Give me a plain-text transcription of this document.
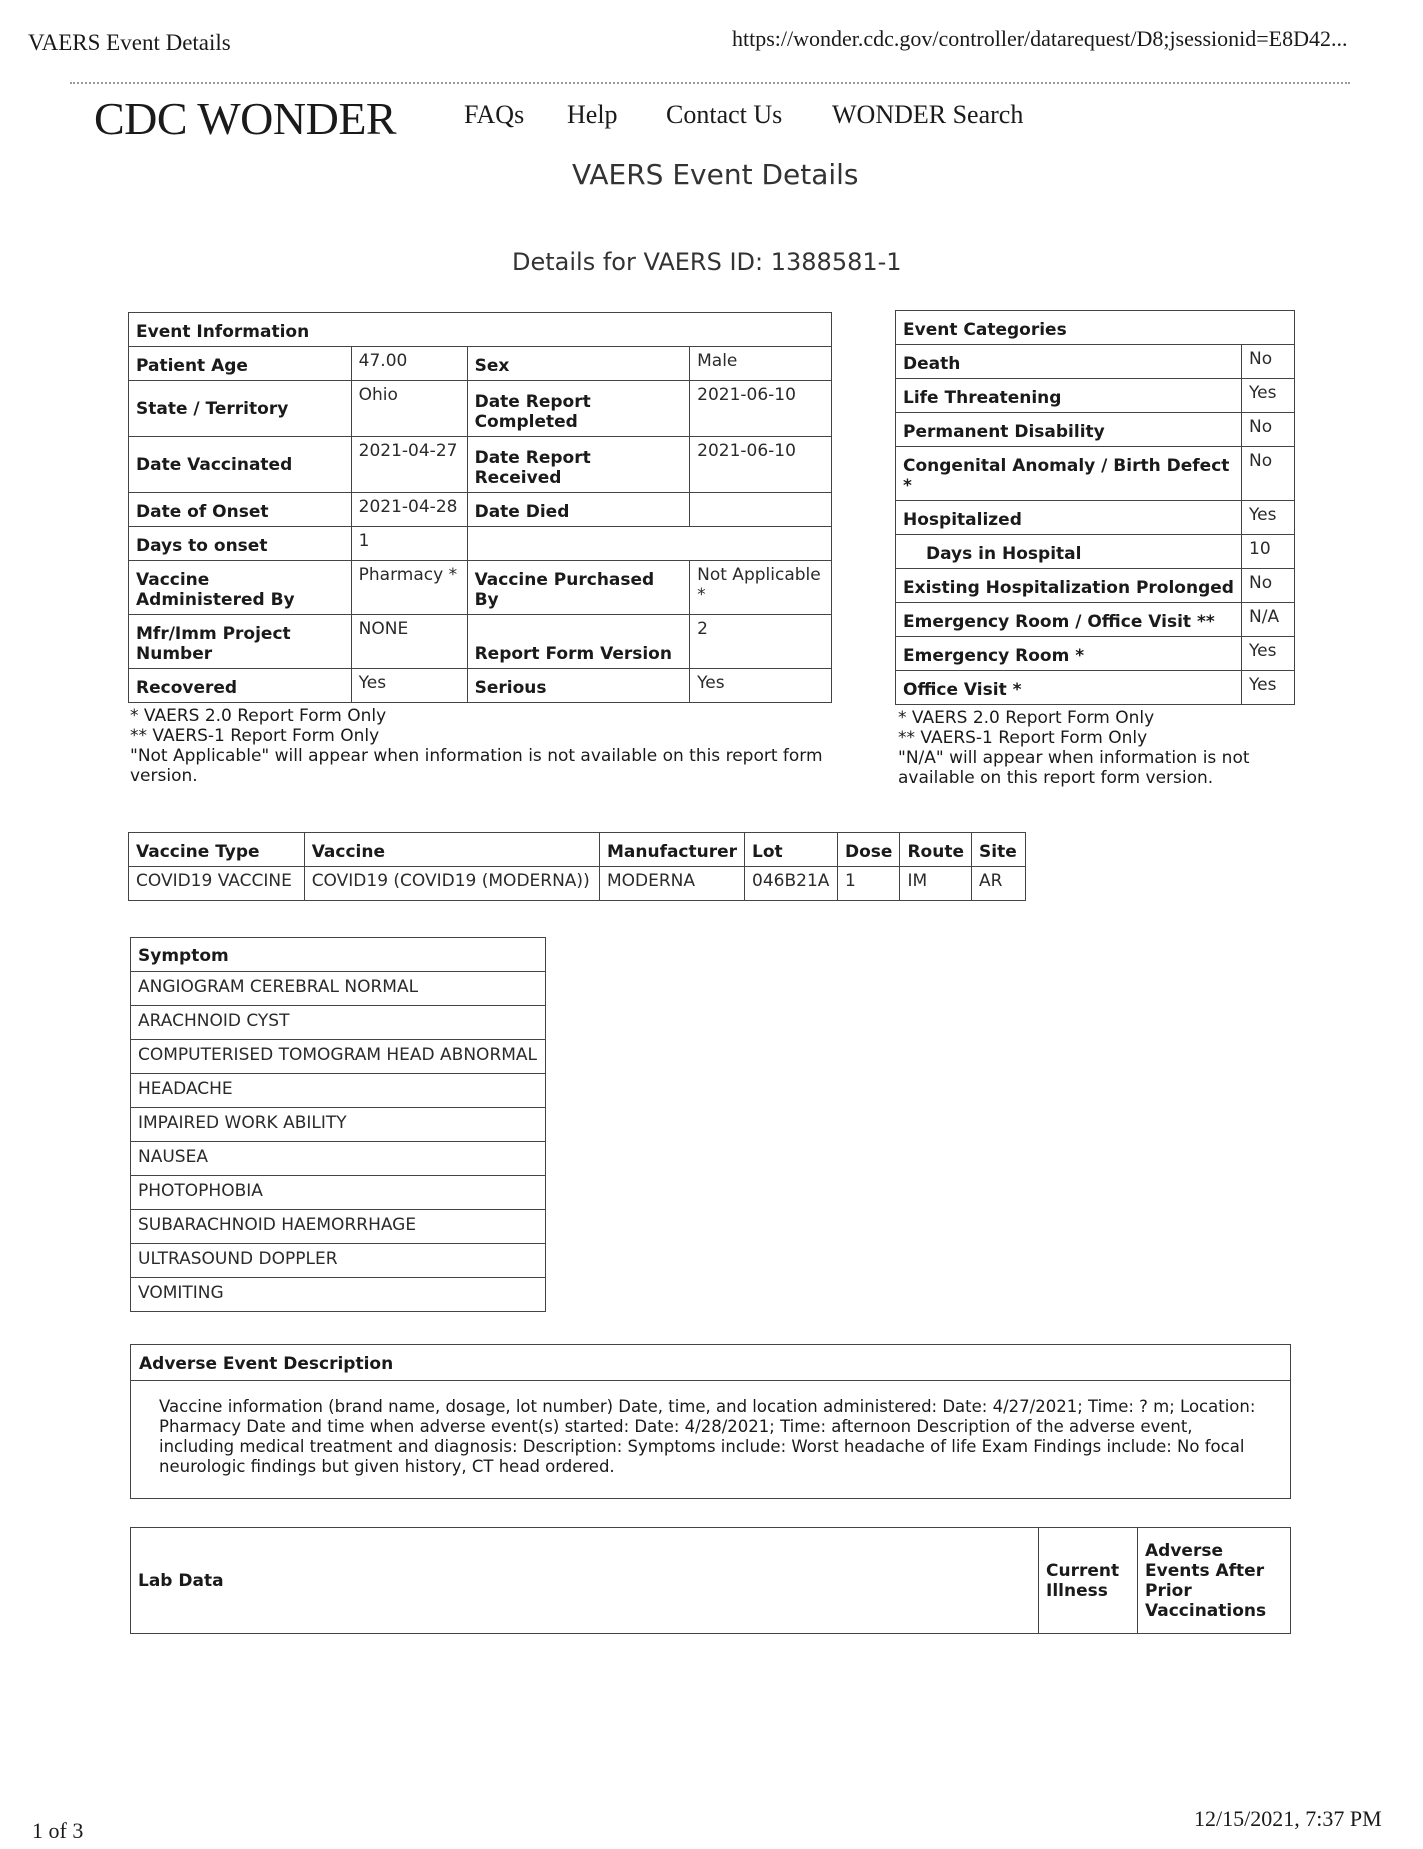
VAERS Event Details	https://wonder.cdc.gov/controller/datarequest/D8;jsessionid=E8D42...
CDC WONDER	FAQs Help Contact Us WONDER Search
VAERS Event Details
Details for VAERS ID: 1388581-1
Event Information			
Patient Age	47.00	Sex	Male
State / Territory	Ohio	Date Report Completed	2021-06-10
Date Vaccinated	2021-04-27	Date Report Received	2021-06-10
Date of Onset	2021-04-28	Date Died	
Days to onset	1		
Vaccine Administered By	Pharmacy *	Vaccine Purchased By	Not Applicable *
Mfr/Imm Project Number	NONE	Report Form Version	2
Recovered	Yes	Serious	Yes
* VAERS 2.0 Report Form Only
** VAERS-1 Report Form Only
"Not Applicable" will appear when information is not available on this report form version.
Event Categories	
Death	No
Life Threatening	Yes
Permanent Disability	No
Congenital Anomaly / Birth Defect *	No
Hospitalized	Yes
Days in Hospital	10
Existing Hospitalization Prolonged	No
Emergency Room / Office Visit **	N/A
Emergency Room *	Yes
Office Visit *	Yes
* VAERS 2.0 Report Form Only
** VAERS-1 Report Form Only
"N/A" will appear when information is not available on this report form version.
Vaccine Type	Vaccine	Manufacturer	Lot	Dose	Route	Site
COVID19 VACCINE	COVID19 (COVID19 (MODERNA))	MODERNA	046B21A	1	IM	AR
Symptom
ANGIOGRAM CEREBRAL NORMAL
ARACHNOID CYST
COMPUTERISED TOMOGRAM HEAD ABNORMAL
HEADACHE
IMPAIRED WORK ABILITY
NAUSEA
PHOTOPHOBIA
SUBARACHNOID HAEMORRHAGE
ULTRASOUND DOPPLER
VOMITING
Adverse Event Description
Vaccine information (brand name, dosage, lot number) Date, time, and location administered: Date: 4/27/2021; Time: ? m; Location: Pharmacy Date and time when adverse event(s) started: Date: 4/28/2021; Time: afternoon Description of the adverse event, including medical treatment and diagnosis: Description: Symptoms include: Worst headache of life Exam Findings include: No focal neurologic findings but given history, CT head ordered.
Lab Data	Current Illness	Adverse Events After Prior Vaccinations
1 of 3	12/15/2021, 7:37 PM
